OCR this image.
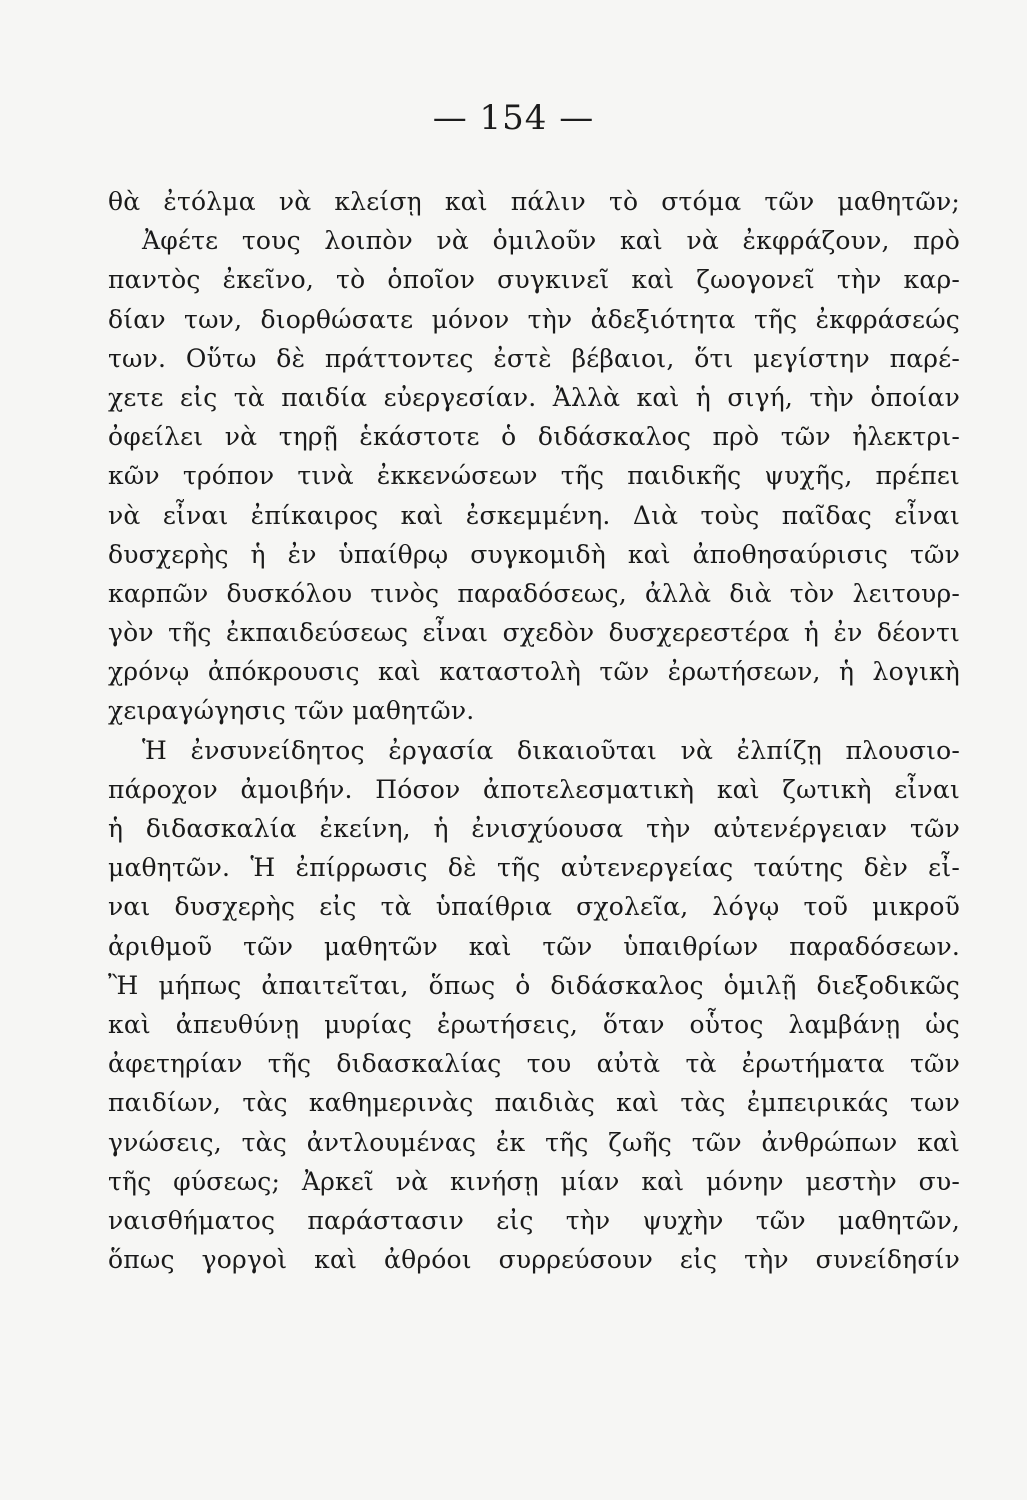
— 154 —
θὰ ἐτόλμα νὰ κλείσῃ καὶ πάλιν τὸ στόμα τῶν μαθητῶν;
Ἀφέτε τους λοιπὸν νὰ ὁμιλοῦν καὶ νὰ ἐκφράζουν, πρὸ
παντὸς ἐκεῖνο, τὸ ὁποῖον συγκινεῖ καὶ ζωογονεῖ τὴν καρ-
δίαν των, διορθώσατε μόνον τὴν ἀδεξιότητα τῆς ἐκφράσεώς
των. Οὕτω δὲ πράττοντες ἐστὲ βέβαιοι, ὅτι μεγίστην παρέ-
χετε εἰς τὰ παιδία εὐεργεσίαν. Ἀλλὰ καὶ ἡ σιγή, τὴν ὁποίαν
ὀφείλει νὰ τηρῇ ἑκάστοτε ὁ διδάσκαλος πρὸ τῶν ἠλεκτρι-
κῶν τρόπον τινὰ ἐκκενώσεων τῆς παιδικῆς ψυχῆς, πρέπει
νὰ εἶναι ἐπίκαιρος καὶ ἐσκεμμένη. Διὰ τοὺς παῖδας εἶναι
δυσχερὴς ἡ ἐν ὑπαίθρῳ συγκομιδὴ καὶ ἀποθησαύρισις τῶν
καρπῶν δυσκόλου τινὸς παραδόσεως, ἀλλὰ διὰ τὸν λειτουρ-
γὸν τῆς ἐκπαιδεύσεως εἶναι σχεδὸν δυσχερεστέρα ἡ ἐν δέοντι
χρόνῳ ἀπόκρουσις καὶ καταστολὴ τῶν ἐρωτήσεων, ἡ λογικὴ
χειραγώγησις τῶν μαθητῶν.
Ἡ ἐνσυνείδητος ἐργασία δικαιοῦται νὰ ἐλπίζῃ πλουσιο-
πάροχον ἀμοιβήν. Πόσον ἀποτελεσματικὴ καὶ ζωτικὴ εἶναι
ἡ διδασκαλία ἐκείνη, ἡ ἐνισχύουσα τὴν αὐτενέργειαν τῶν
μαθητῶν. Ἡ ἐπίρρωσις δὲ τῆς αὐτενεργείας ταύτης δὲν εἶ-
ναι δυσχερὴς εἰς τὰ ὑπαίθρια σχολεῖα, λόγῳ τοῦ μικροῦ
ἀριθμοῦ τῶν μαθητῶν καὶ τῶν ὑπαιθρίων παραδόσεων.
Ἢ μήπως ἀπαιτεῖται, ὅπως ὁ διδάσκαλος ὁμιλῇ διεξοδικῶς
καὶ ἀπευθύνῃ μυρίας ἐρωτήσεις, ὅταν οὗτος λαμβάνῃ ὡς
ἀφετηρίαν τῆς διδασκαλίας του αὐτὰ τὰ ἐρωτήματα τῶν
παιδίων, τὰς καθημερινὰς παιδιὰς καὶ τὰς ἐμπειρικάς των
γνώσεις, τὰς ἀντλουμένας ἐκ τῆς ζωῆς τῶν ἀνθρώπων καὶ
τῆς φύσεως; Ἀρκεῖ νὰ κινήσῃ μίαν καὶ μόνην μεστὴν συ-
ναισθήματος παράστασιν εἰς τὴν ψυχὴν τῶν μαθητῶν,
ὅπως γοργοὶ καὶ ἀθρόοι συρρεύσουν εἰς τὴν συνείδησίν
